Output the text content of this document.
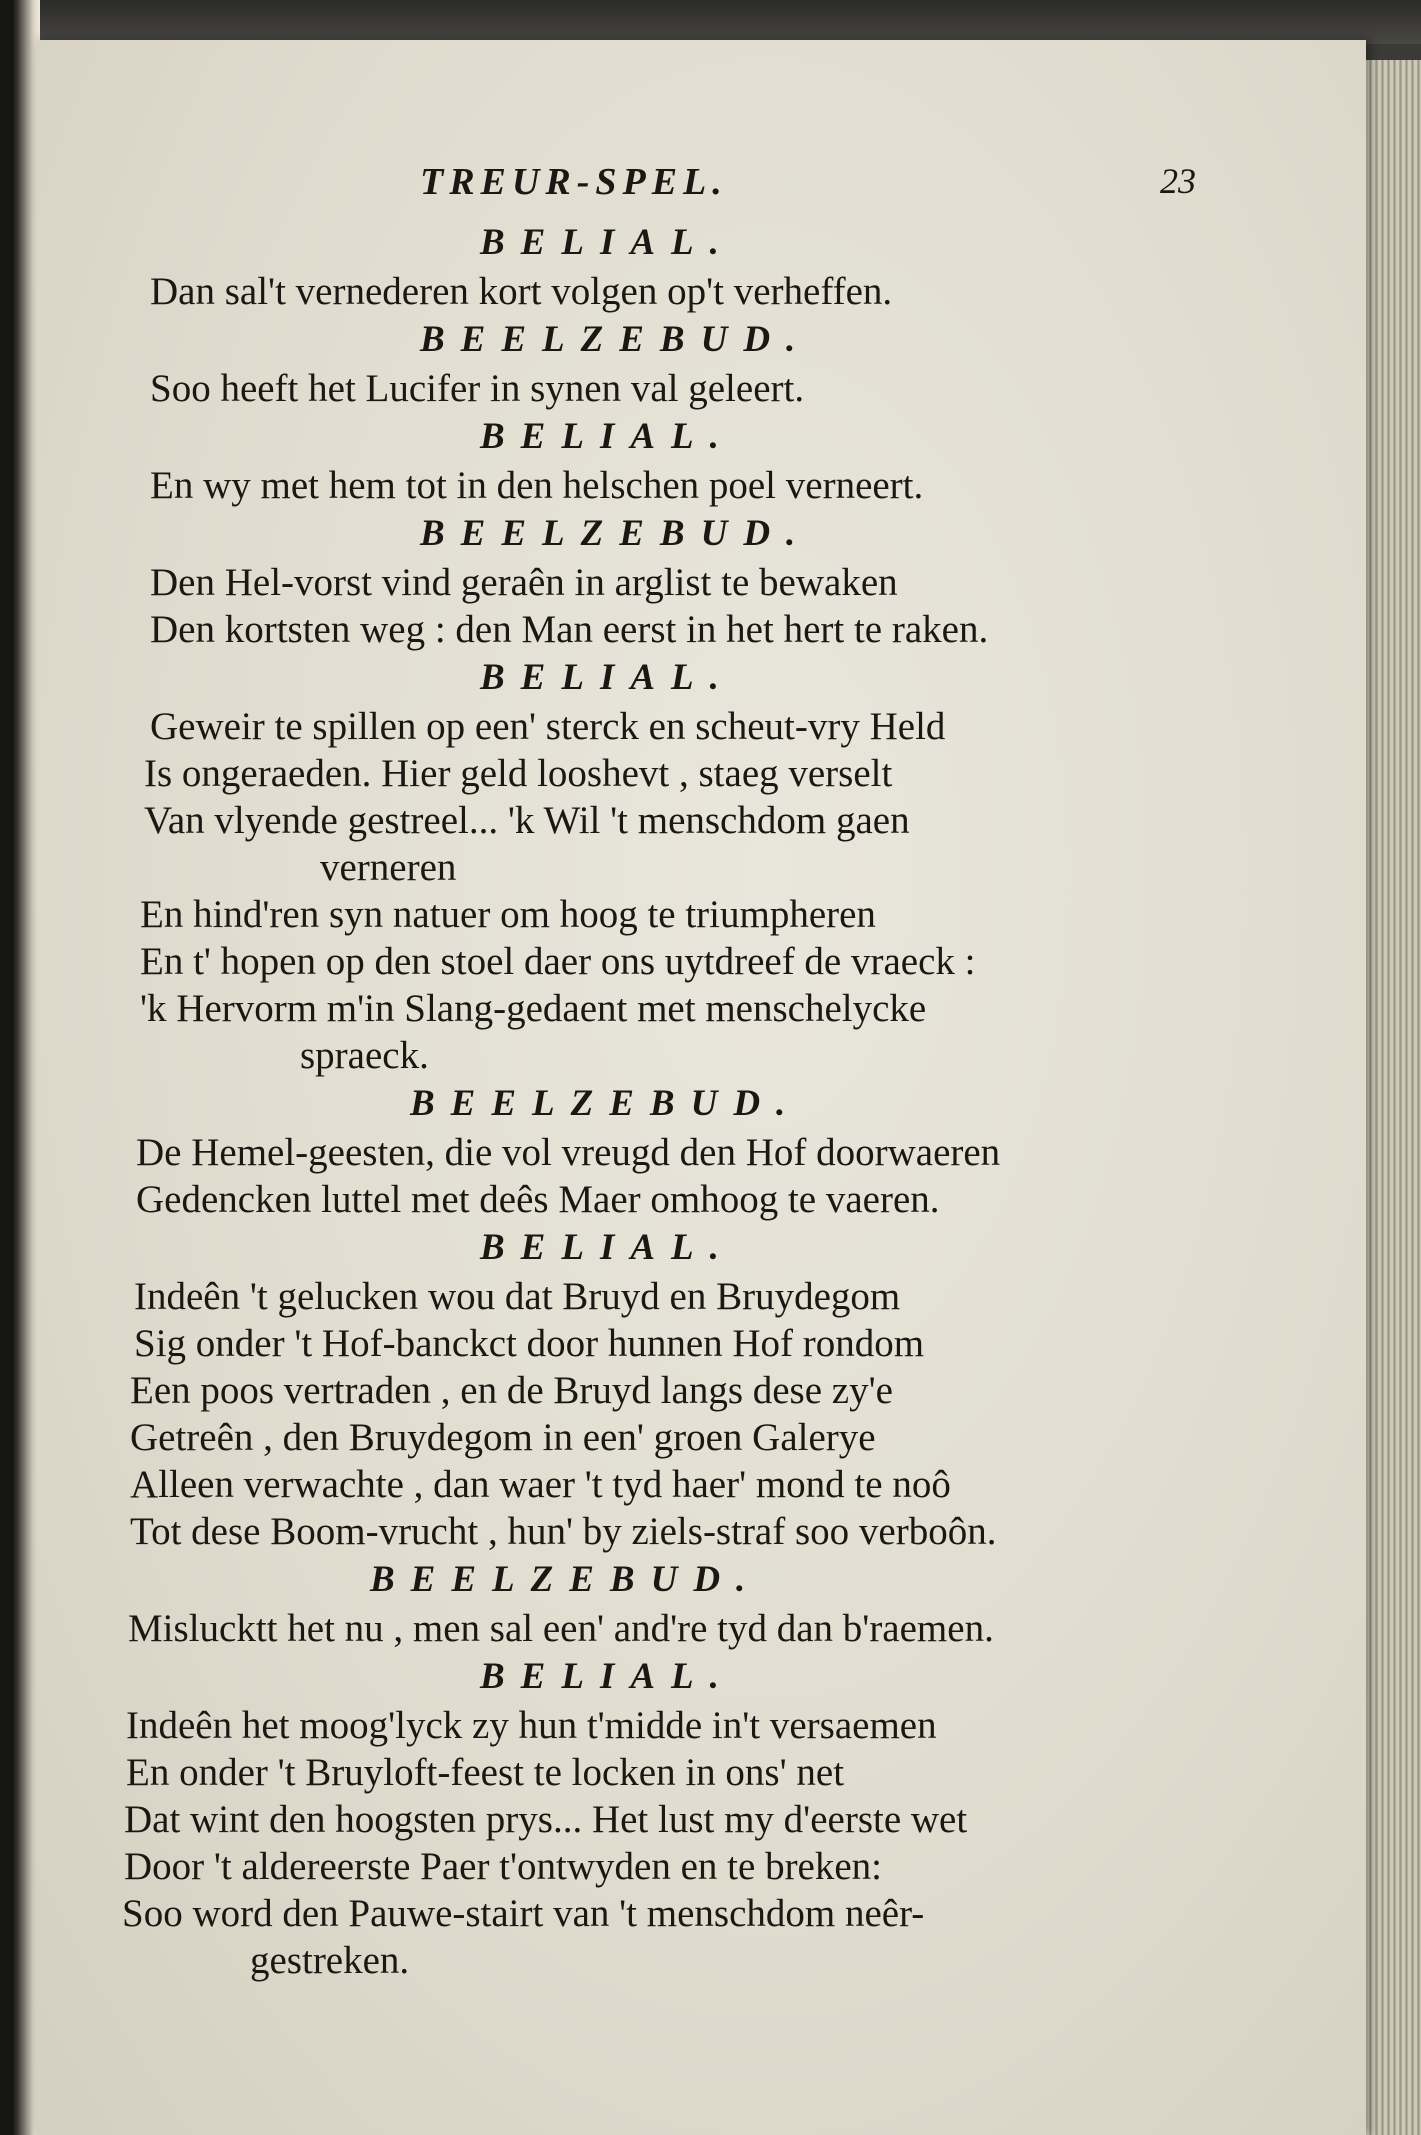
TREUR-SPEL.	23

BELIAL.

Dan sal't vernederen kort volgen op't verheffen.

BEELZEBUD.

Soo heeft het Lucifer in synen val geleert.

BELIAL.

En wy met hem tot in den helschen poel verneert.

BEELZEBUD.

Den Hel-vorst vind geraên in arglist te bewaken

Den kortsten weg : den Man eerst in het hert te raken.

BELIAL.

Geweir te spillen op een' sterck en scheut-vry Held

Is ongeraeden. Hier geld looshevt , staeg verselt

Van vlyende gestreel... 'k Wil 't menschdom gaen

verneren

En hind'ren syn natuer om hoog te triumpheren

En t' hopen op den stoel daer ons uytdreef de vraeck :

'k Hervorm m'in Slang-gedaent met menschelycke

spraeck.

BEELZEBUD.

De Hemel-geesten, die vol vreugd den Hof doorwaeren

Gedencken luttel met deês Maer omhoog te vaeren.

BELIAL.

Indeên 't gelucken wou dat Bruyd en Bruydegom

Sig onder 't Hof-banckct door hunnen Hof rondom

Een poos vertraden , en de Bruyd langs dese zy'e

Getreên , den Bruydegom in een' groen Galerye

Alleen verwachte , dan waer 't tyd haer' mond te noô

Tot dese Boom-vrucht , hun' by ziels-straf soo verboôn.

BEELZEBUD.

Mislucktt het nu , men sal een' and're tyd dan b'raemen.

BELIAL.

Indeên het moog'lyck zy hun t'midde in't versaemen

En onder 't Bruyloft-feest te locken in ons' net

Dat wint den hoogsten prys... Het lust my d'eerste wet

Door 't aldereerste Paer t'ontwyden en te breken:

Soo word den Pauwe-stairt van 't menschdom neêr-

gestreken.
